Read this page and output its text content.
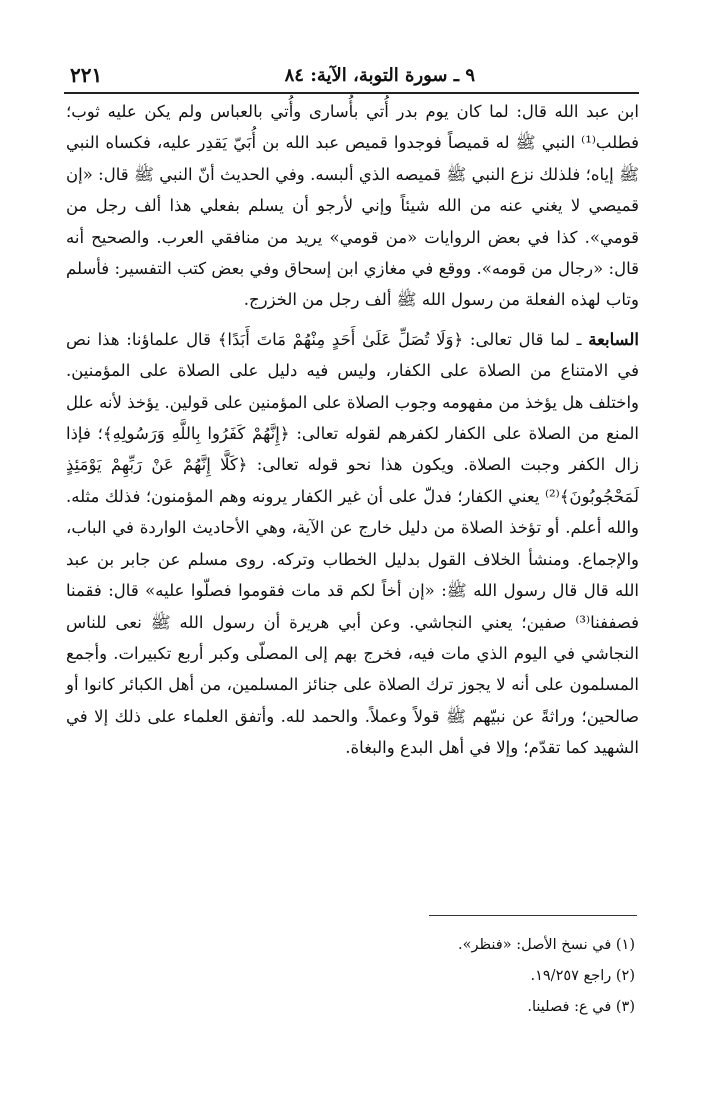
٩ ـ سورة التوبة، الآية: ٨٤
٢٢١

ابن عبد الله قال: لما كان يوم بدر أُتي بأُسارى وأُتي بالعباس ولم يكن عليه ثوب؛ فطلب⁽¹⁾ النبي ﷺ له قميصاً فوجدوا قميص عبد الله بن أُبَيّ يَقدِر عليه، فكساه النبي ﷺ إياه؛ فلذلك نزع النبي ﷺ قميصه الذي ألبسه. وفي الحديث أنّ النبي ﷺ قال: «إن قميصي لا يغني عنه من الله شيئاً وإني لأرجو أن يسلم بفعلي هذا ألف رجل من قومي». كذا في بعض الروايات «من قومي» يريد من منافقي العرب. والصحيح أنه قال: «رجال من قومه». ووقع في مغازي ابن إسحاق وفي بعض كتب التفسير: فأسلم وتاب لهذه الفعلة من رسول الله ﷺ ألف رجل من الخزرج.

السابعة ـ لما قال تعالى: ﴿وَلَا تُصَلِّ عَلَىٰ أَحَدٍ مِنْهُمْ مَاتَ أَبَدًا﴾ قال علماؤنا: هذا نص في الامتناع من الصلاة على الكفار، وليس فيه دليل على الصلاة على المؤمنين. واختلف هل يؤخذ من مفهومه وجوب الصلاة على المؤمنين على قولين. يؤخذ لأنه علل المنع من الصلاة على الكفار لكفرهم لقوله تعالى: ﴿إِنَّهُمْ كَفَرُوا بِاللَّهِ وَرَسُولِهِ﴾؛ فإذا زال الكفر وجبت الصلاة. ويكون هذا نحو قوله تعالى: ﴿كَلَّا إِنَّهُمْ عَنْ رَبِّهِمْ يَوْمَئِذٍ لَمَحْجُوبُونَ﴾⁽²⁾ يعني الكفار؛ فدلّ على أن غير الكفار يرونه وهم المؤمنون؛ فذلك مثله. والله أعلم. أو تؤخذ الصلاة من دليل خارج عن الآية، وهي الأحاديث الواردة في الباب، والإجماع. ومنشأ الخلاف القول بدليل الخطاب وتركه. روى مسلم عن جابر بن عبد الله قال قال رسول الله ﷺ: «إن أخاً لكم قد مات فقوموا فصلّوا عليه» قال: فقمنا فصففنا⁽³⁾ صفين؛ يعني النجاشي. وعن أبي هريرة أن رسول الله ﷺ نعى للناس النجاشي في اليوم الذي مات فيه، فخرج بهم إلى المصلّى وكبر أربع تكبيرات. وأجمع المسلمون على أنه لا يجوز ترك الصلاة على جنائز المسلمين، من أهل الكبائر كانوا أو صالحين؛ وراثةً عن نبيّهم ﷺ قولاً وعملاً. والحمد لله. وأتفق العلماء على ذلك إلا في الشهيد كما تقدّم؛ وإلا في أهل البدع والبغاة.

(١) في نسخ الأصل: «فنظر».
(٢) راجع ١٩/٢٥٧.
(٣) في ع: فصلينا.
